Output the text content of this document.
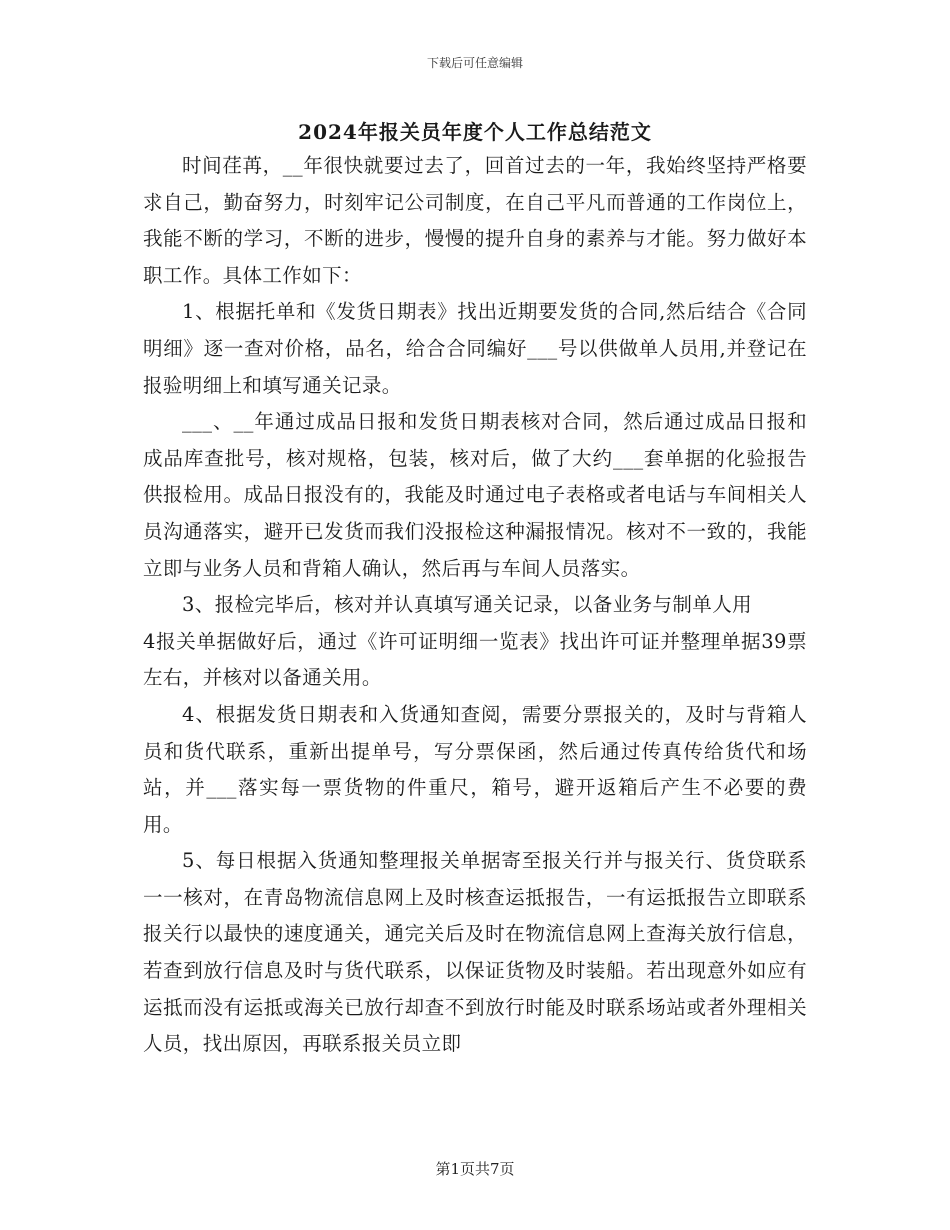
下载后可任意编辑
2024年报关员年度个人工作总结范文

时间荏苒，__年很快就要过去了，回首过去的一年，我始终坚持严格要求自己，勤奋努力，时刻牢记公司制度，在自己平凡而普通的工作岗位上，我能不断的学习，不断的进步，慢慢的提升自身的素养与才能。努力做好本职工作。具体工作如下：

1、根据托单和《发货日期表》找出近期要发货的合同,然后结合《合同明细》逐一查对价格，品名，给合合同编好___号以供做单人员用,并登记在报验明细上和填写通关记录。

___、__年通过成品日报和发货日期表核对合同，然后通过成品日报和成品库查批号，核对规格，包装，核对后，做了大约___套单据的化验报告供报检用。成品日报没有的，我能及时通过电子表格或者电话与车间相关人员沟通落实，避开已发货而我们没报检这种漏报情况。核对不一致的，我能立即与业务人员和背箱人确认，然后再与车间人员落实。

3、报检完毕后，核对并认真填写通关记录，以备业务与制单人用

4报关单据做好后，通过《许可证明细一览表》找出许可证并整理单据39票左右，并核对以备通关用。

4、根据发货日期表和入货通知查阅，需要分票报关的，及时与背箱人员和货代联系，重新出提单号，写分票保函，然后通过传真传给货代和场站，并___落实每一票货物的件重尺，箱号，避开返箱后产生不必要的费用。

5、每日根据入货通知整理报关单据寄至报关行并与报关行、货贷联系一一核对，在青岛物流信息网上及时核查运抵报告，一有运抵报告立即联系报关行以最快的速度通关，通完关后及时在物流信息网上查海关放行信息，若查到放行信息及时与货代联系，以保证货物及时装船。若出现意外如应有运抵而没有运抵或海关已放行却查不到放行时能及时联系场站或者外理相关人员，找出原因，再联系报关员立即

第1页共7页
